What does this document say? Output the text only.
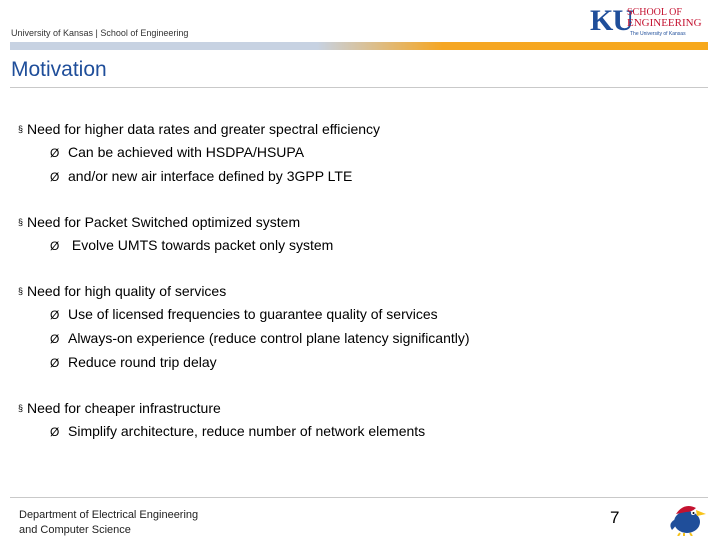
University of Kansas | School of Engineering	KU
SCHOOL OF
ENGINEERING
The University of Kansas
Motivation
§ Need for higher data rates and greater spectral efficiency
Ø Can be achieved with HSDPA/HSUPA
Ø and/or new air interface defined by 3GPP LTE
§ Need for Packet Switched optimized system
Ø Evolve UMTS towards packet only system
§ Need for high quality of services
Ø Use of licensed frequencies to guarantee quality of services
Ø Always-on experience (reduce control plane latency significantly)
Ø Reduce round trip delay
§ Need for cheaper infrastructure
Ø Simplify architecture, reduce number of network elements
Department of Electrical Engineering
and Computer Science
7
